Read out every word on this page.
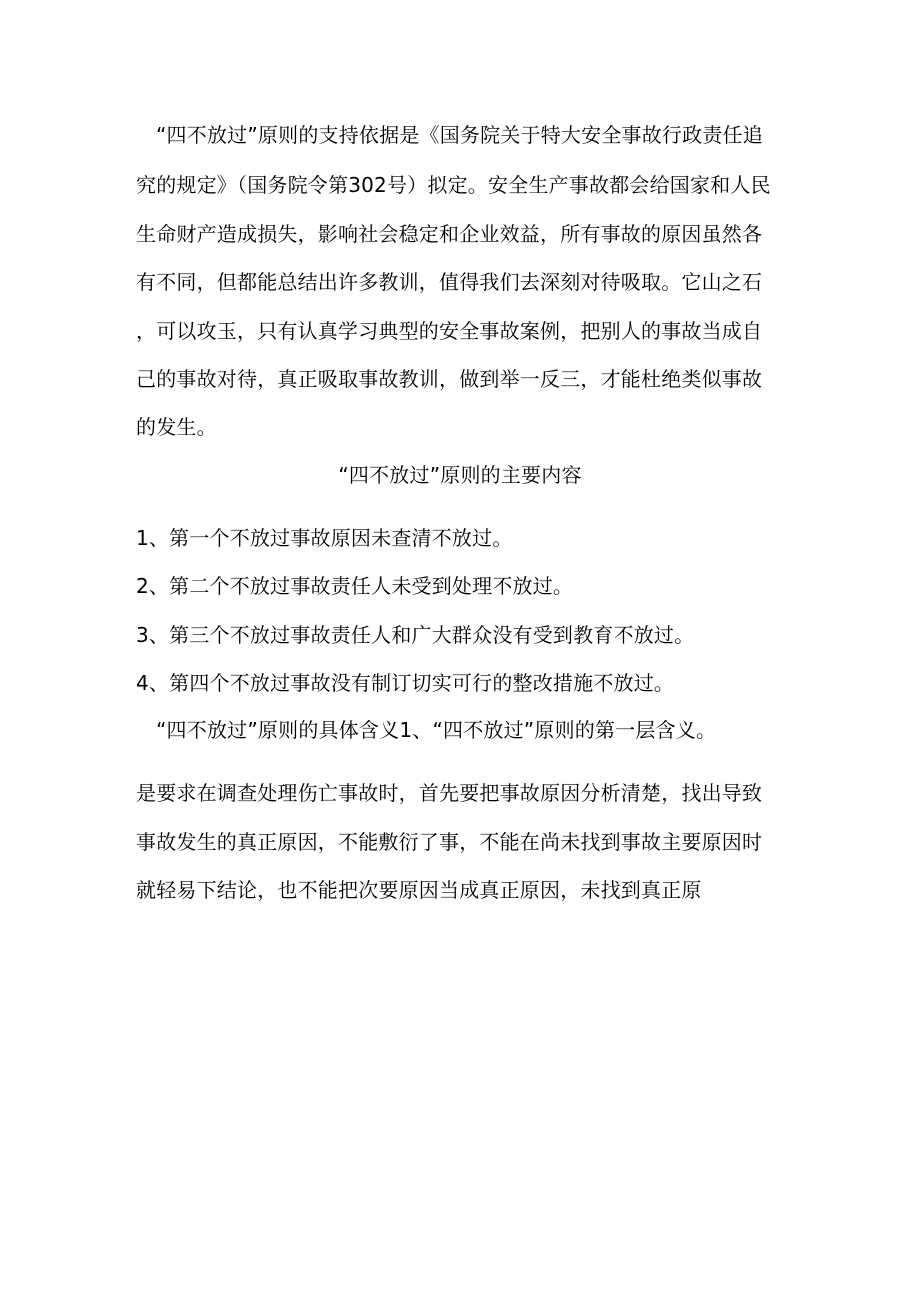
“四不放过”原则的支持依据是《国务院关于特大安全事故行政责任追
究的规定》（国务院令第302号）拟定。安全生产事故都会给国家和人民
生命财产造成损失，影响社会稳定和企业效益，所有事故的原因虽然各
有不同，但都能总结出许多教训，值得我们去深刻对待吸取。它山之石
，可以攻玉，只有认真学习典型的安全事故案例，把别人的事故当成自
己的事故对待，真正吸取事故教训，做到举一反三，才能杜绝类似事故
的发生。
“四不放过”原则的主要内容
1、第一个不放过事故原因未查清不放过。
2、第二个不放过事故责任人未受到处理不放过。
3、第三个不放过事故责任人和广大群众没有受到教育不放过。
4、第四个不放过事故没有制订切实可行的整改措施不放过。
“四不放过”原则的具体含义1、“四不放过”原则的第一层含义。
是要求在调查处理伤亡事故时，首先要把事故原因分析清楚，找出导致
事故发生的真正原因，不能敷衍了事，不能在尚未找到事故主要原因时
就轻易下结论，也不能把次要原因当成真正原因，未找到真正原
